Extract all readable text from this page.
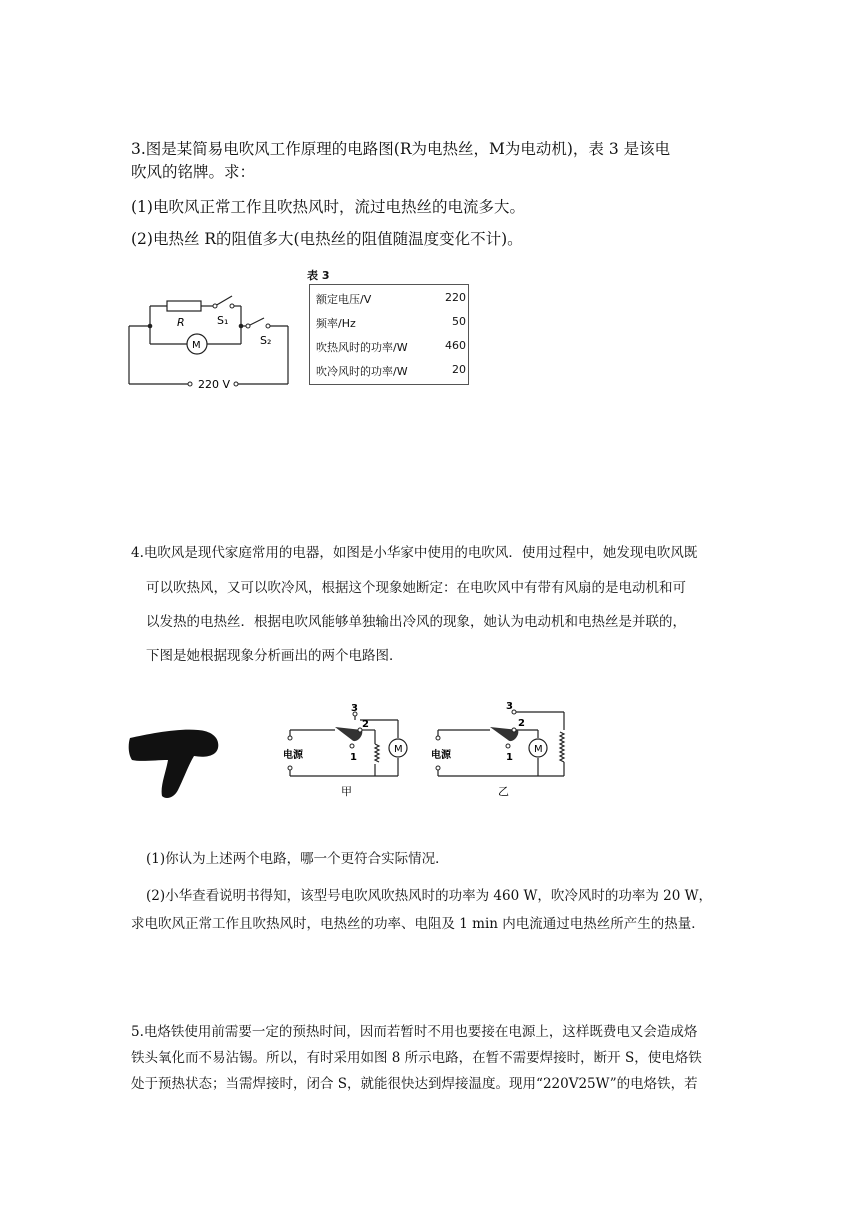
3.图是某简易电吹风工作原理的电路图(R为电热丝，M为电动机)，表 3 是该电
吹风的铭牌。求：
(1)电吹风正常工作且吹热风时，流过电热丝的电流多大。
(2)电热丝 R的阻值多大(电热丝的阻值随温度变化不计)。
R	S₁
S₂
M
220 V
表 3
额定电压/V	220
频率/Hz	50
吹热风时的功率/W	460
吹冷风时的功率/W	20
4.电吹风是现代家庭常用的电器，如图是小华家中使用的电吹风．使用过程中，她发现电吹风既
可以吹热风，又可以吹冷风，根据这个现象她断定：在电吹风中有带有风扇的是电动机和可
以发热的电热丝．根据电吹风能够单独输出冷风的现象，她认为电动机和电热丝是并联的，
下图是她根据现象分析画出的两个电路图．
电源
M
3
2
1
甲
电源
M
3
2
1
乙
(1)你认为上述两个电路，哪一个更符合实际情况．
(2)小华查看说明书得知，该型号电吹风吹热风时的功率为 460 W，吹冷风时的功率为 20 W，
求电吹风正常工作且吹热风时，电热丝的功率、电阻及 1 min 内电流通过电热丝所产生的热量．
5.电烙铁使用前需要一定的预热时间，因而若暂时不用也要接在电源上，这样既费电又会造成烙
铁头氧化而不易沾锡。所以，有时采用如图 8 所示电路，在暂不需要焊接时，断开 S，使电烙铁
处于预热状态；当需焊接时，闭合 S，就能很快达到焊接温度。现用“220V25W”的电烙铁，若
